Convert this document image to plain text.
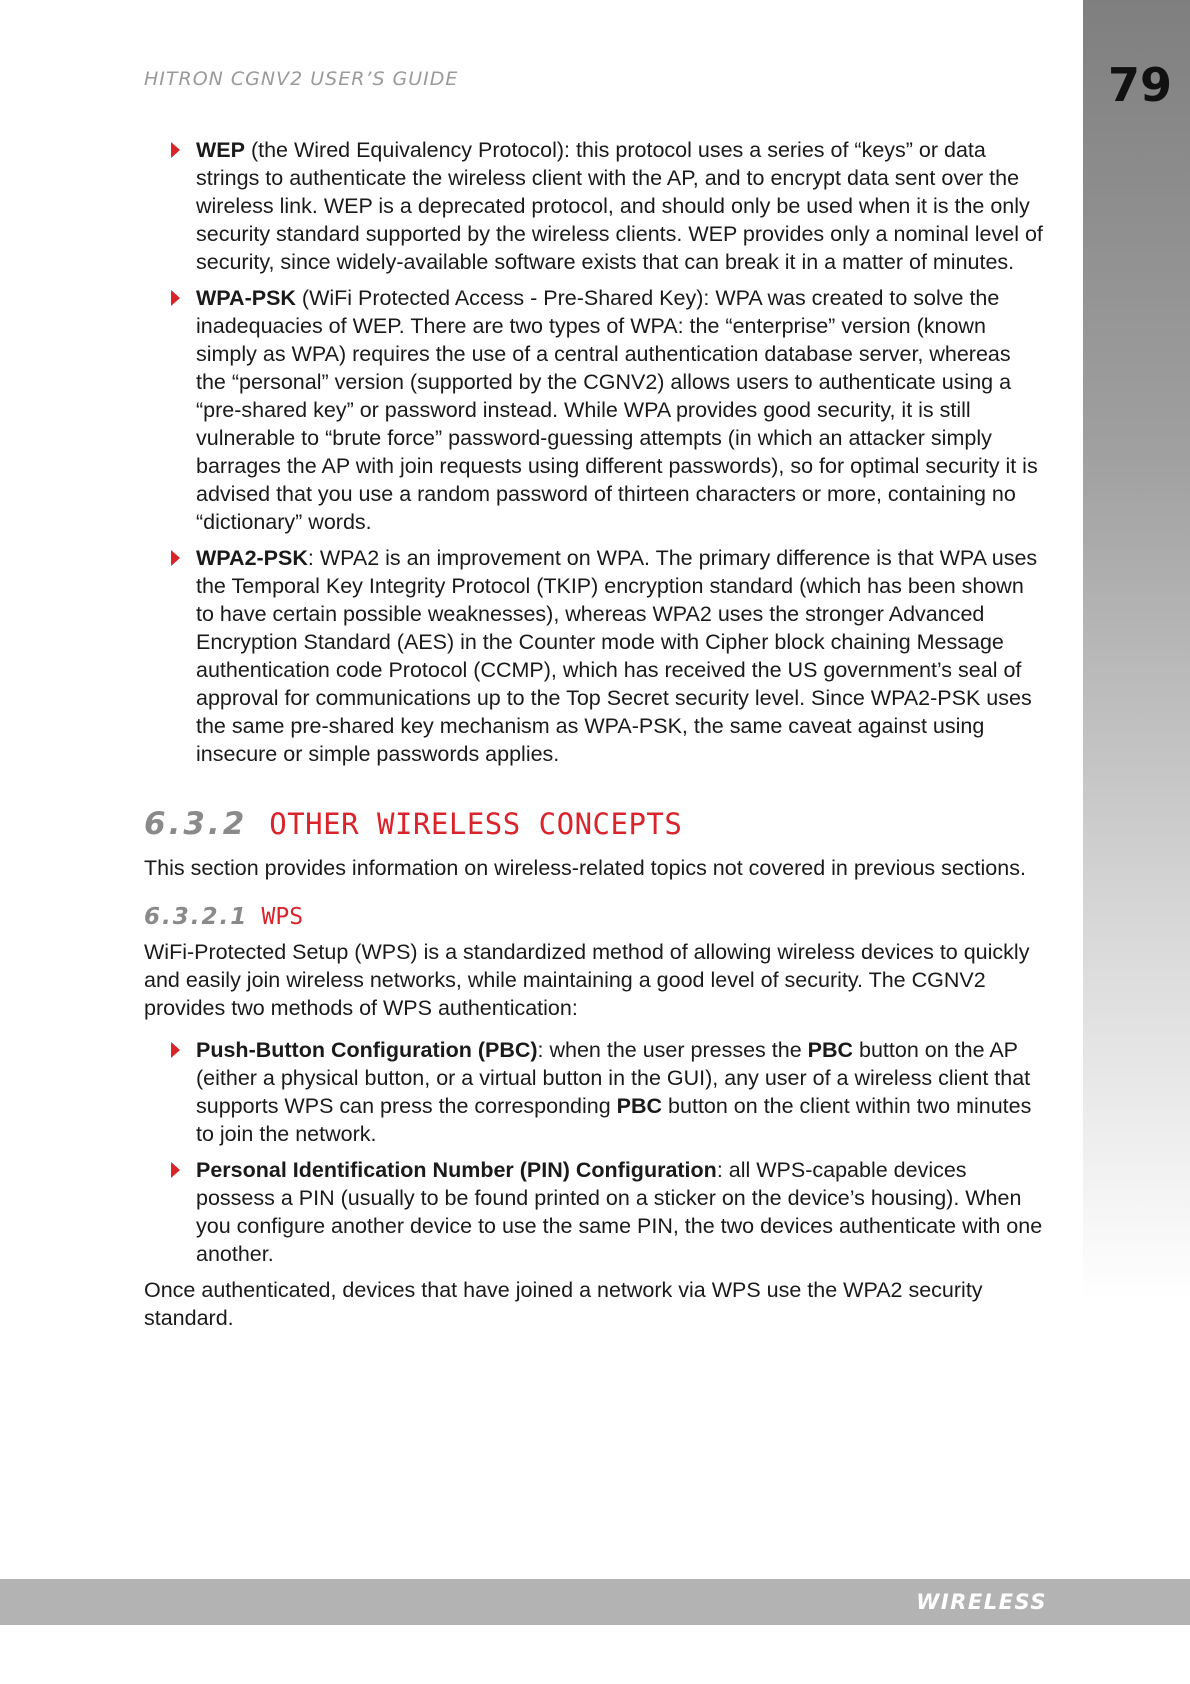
79
HITRON CGNV2 USER’S GUIDE
WEP (the Wired Equivalency Protocol): this protocol uses a series of “keys” or data strings to authenticate the wireless client with the AP, and to encrypt data sent over the wireless link. WEP is a deprecated protocol, and should only be used when it is the only security standard supported by the wireless clients. WEP provides only a nominal level of security, since widely-available software exists that can break it in a matter of minutes.
WPA-PSK (WiFi Protected Access - Pre-Shared Key): WPA was created to solve the inadequacies of WEP. There are two types of WPA: the “enterprise” version (known simply as WPA) requires the use of a central authentication database server, whereas the “personal” version (supported by the CGNV2) allows users to authenticate using a “pre-shared key” or password instead. While WPA provides good security, it is still vulnerable to “brute force” password-guessing attempts (in which an attacker simply barrages the AP with join requests using different passwords), so for optimal security it is advised that you use a random password of thirteen characters or more, containing no “dictionary” words.
WPA2-PSK: WPA2 is an improvement on WPA. The primary difference is that WPA uses the Temporal Key Integrity Protocol (TKIP) encryption standard (which has been shown to have certain possible weaknesses), whereas WPA2 uses the stronger Advanced Encryption Standard (AES) in the Counter mode with Cipher block chaining Message authentication code Protocol (CCMP), which has received the US government’s seal of approval for communications up to the Top Secret security level. Since WPA2-PSK uses the same pre-shared key mechanism as WPA-PSK, the same caveat against using insecure or simple passwords applies.
6.3.2 OTHER WIRELESS CONCEPTS

This section provides information on wireless-related topics not covered in previous sections.

6.3.2.1 WPS

WiFi-Protected Setup (WPS) is a standardized method of allowing wireless devices to quickly and easily join wireless networks, while maintaining a good level of security. The CGNV2 provides two methods of WPS authentication:

Push-Button Configuration (PBC): when the user presses the PBC button on the AP (either a physical button, or a virtual button in the GUI), any user of a wireless client that supports WPS can press the corresponding PBC button on the client within two minutes to join the network.
Personal Identification Number (PIN) Configuration: all WPS-capable devices possess a PIN (usually to be found printed on a sticker on the device’s housing). When you configure another device to use the same PIN, the two devices authenticate with one another.

Once authenticated, devices that have joined a network via WPS use the WPA2 security standard.

WIRELESS
